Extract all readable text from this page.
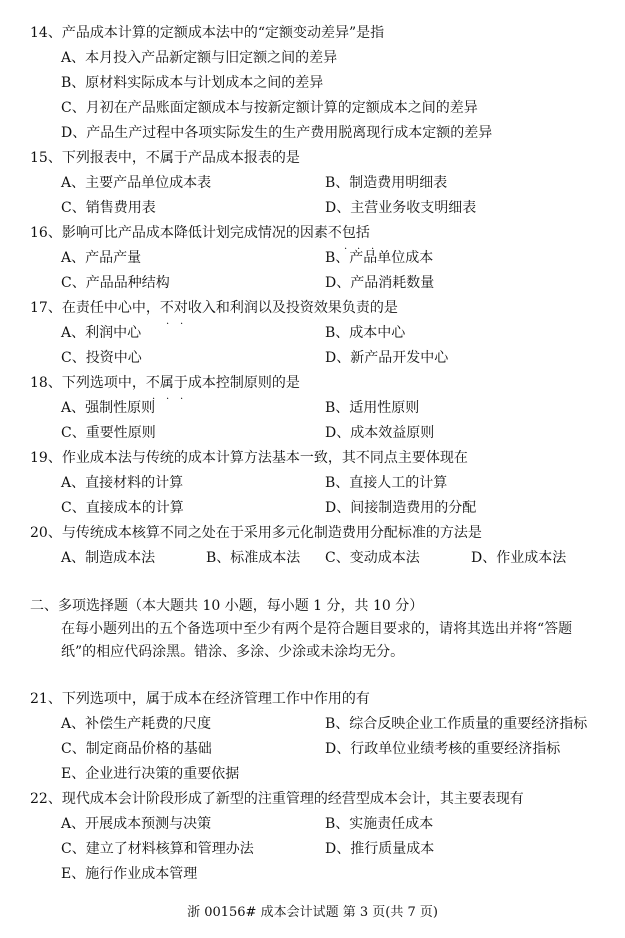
14、产品成本计算的定额成本法中的“定额变动差异”是指
A、本月投入产品新定额与旧定额之间的差异
B、原材料实际成本与计划成本之间的差异
C、月初在产品账面定额成本与按新定额计算的定额成本之间的差异
D、产品生产过程中各项实际发生的生产费用脱离现行成本定额的差异
15、下列报表中，不属于产品成本报表的是
A、主要产品单位成本表	B、制造费用明细表
C、销售费用表	D、主营业务收支明细表
16、影响可比产品成本降低计划完成情况的因素不包括
. . .
A、产品产量	B、产品单位成本
C、产品品种结构	D、产品消耗数量
17、在责任中心中，不对收入和利润以及投资效果负责的是
. .
A、利润中心	B、成本中心
C、投资中心	D、新产品开发中心
18、下列选项中，不属于成本控制原则的是
. . .
A、强制性原则	B、适用性原则
C、重要性原则	D、成本效益原则
19、作业成本法与传统的成本计算方法基本一致，其不同点主要体现在
A、直接材料的计算	B、直接人工的计算
C、直接成本的计算	D、间接制造费用的分配
20、与传统成本核算不同之处在于采用多元化制造费用分配标准的方法是
A、制造成本法	B、标准成本法 C、变动成本法	D、作业成本法
二、多项选择题（本大题共 10 小题，每小题 1 分，共 10 分）
在每小题列出的五个备选项中至少有两个是符合题目要求的，请将其选出并将“答题
纸”的相应代码涂黑。错涂、多涂、少涂或未涂均无分。
21、下列选项中，属于成本在经济管理工作中作用的有
A、补偿生产耗费的尺度	B、综合反映企业工作质量的重要经济指标
C、制定商品价格的基础	D、行政单位业绩考核的重要经济指标
E、企业进行决策的重要依据
22、现代成本会计阶段形成了新型的注重管理的经营型成本会计，其主要表现有
A、开展成本预测与决策	B、实施责任成本
C、建立了材料核算和管理办法	D、推行质量成本
E、施行作业成本管理
浙 00156# 成本会计试题 第 3 页(共 7 页)
